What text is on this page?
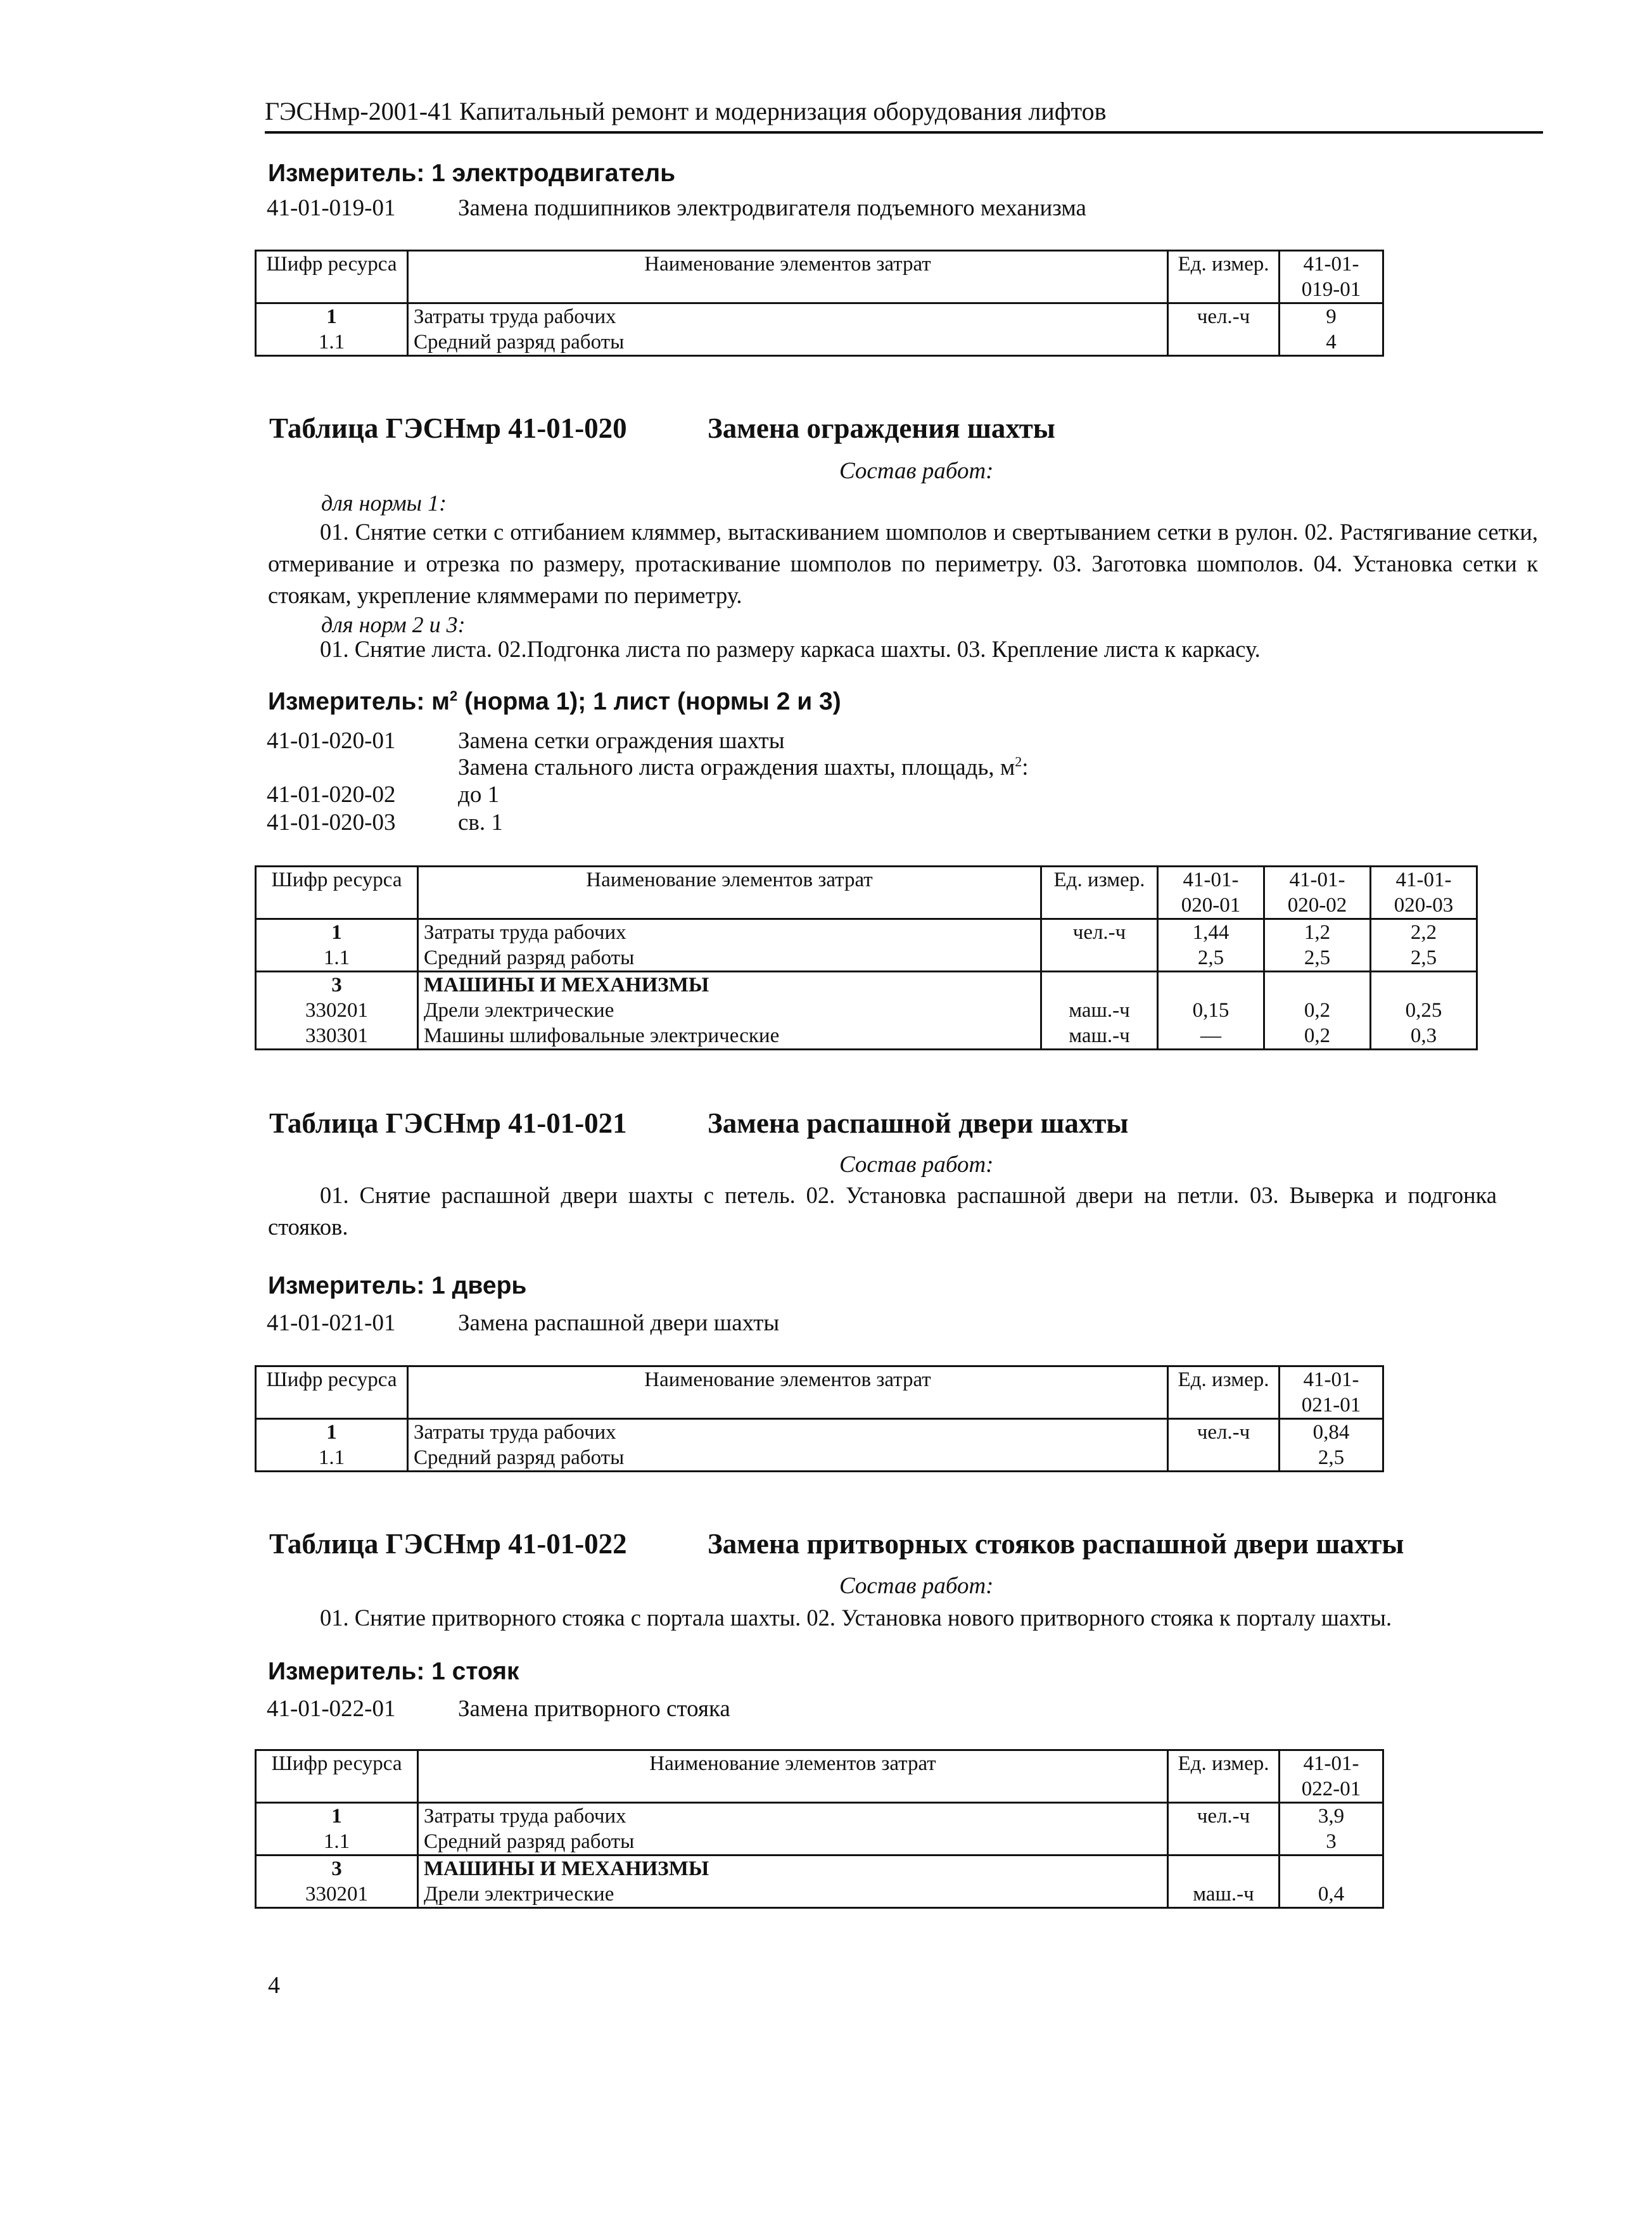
ГЭСНмр-2001-41 Капитальный ремонт и модернизация оборудования лифтов
Измеритель: 1 электродвигатель
41-01-019-01	Замена подшипников электродвигателя подъемного механизма
Шифр ресурса	Наименование элементов затрат	Ед. измер.	41-01-
			019-01
1	Затраты труда рабочих	чел.-ч	9
1.1	Средний разряд работы		4
Таблица ГЭСНмр 41-01-020	Замена ограждения шахты
Состав работ:
для нормы 1:
01. Снятие сетки с отгибанием кляммер, вытаскиванием шомполов и свертыванием сетки в рулон. 02. Растягивание сетки, отмеривание и отрезка по размеру, протаскивание шомполов по периметру. 03. Заготовка шомполов. 04. Установка сетки к стоякам, укрепление кляммерами по периметру.
для норм 2 и 3:
01. Снятие листа. 02.Подгонка листа по размеру каркаса шахты. 03. Крепление листа к каркасу.
Измеритель: $м^2$ (норма 1); 1 лист (нормы 2 и 3)
41-01-020-01	Замена сетки ограждения шахты
Замена стального листа ограждения шахты, площадь, $м^2$:
41-01-020-02	до 1
41-01-020-03	св. 1
Шифр ресурса	Наименование элементов затрат	Ед. измер.	41-01-	41-01-	41-01-
			020-01	020-02	020-03
1	Затраты труда рабочих	чел.-ч	1,44	1,2	2,2
1.1	Средний разряд работы		2,5	2,5	2,5
3	МАШИНЫ И МЕХАНИЗМЫ				
330201	Дрели электрические	маш.-ч	0,15	0,2	0,25
330301	Машины шлифовальные электрические	маш.-ч	—	0,2	0,3
Таблица ГЭСНмр 41-01-021	Замена распашной двери шахты
Состав работ:
01. Снятие распашной двери шахты с петель. 02. Установка распашной двери на петли. 03. Выверка и подгонка стояков.
Измеритель: 1 дверь
41-01-021-01	Замена распашной двери шахты
Шифр ресурса	Наименование элементов затрат	Ед. измер.	41-01-
			021-01
1	Затраты труда рабочих	чел.-ч	0,84
1.1	Средний разряд работы		2,5
Таблица ГЭСНмр 41-01-022	Замена притворных стояков распашной двери шахты
Состав работ:
01. Снятие притворного стояка с портала шахты. 02. Установка нового притворного стояка к порталу шахты.
Измеритель: 1 стояк
41-01-022-01	Замена притворного стояка
Шифр ресурса	Наименование элементов затрат	Ед. измер.	41-01-
			022-01
1	Затраты труда рабочих	чел.-ч	3,9
1.1	Средний разряд работы		3
3	МАШИНЫ И МЕХАНИЗМЫ		
330201	Дрели электрические	маш.-ч	0,4
4
